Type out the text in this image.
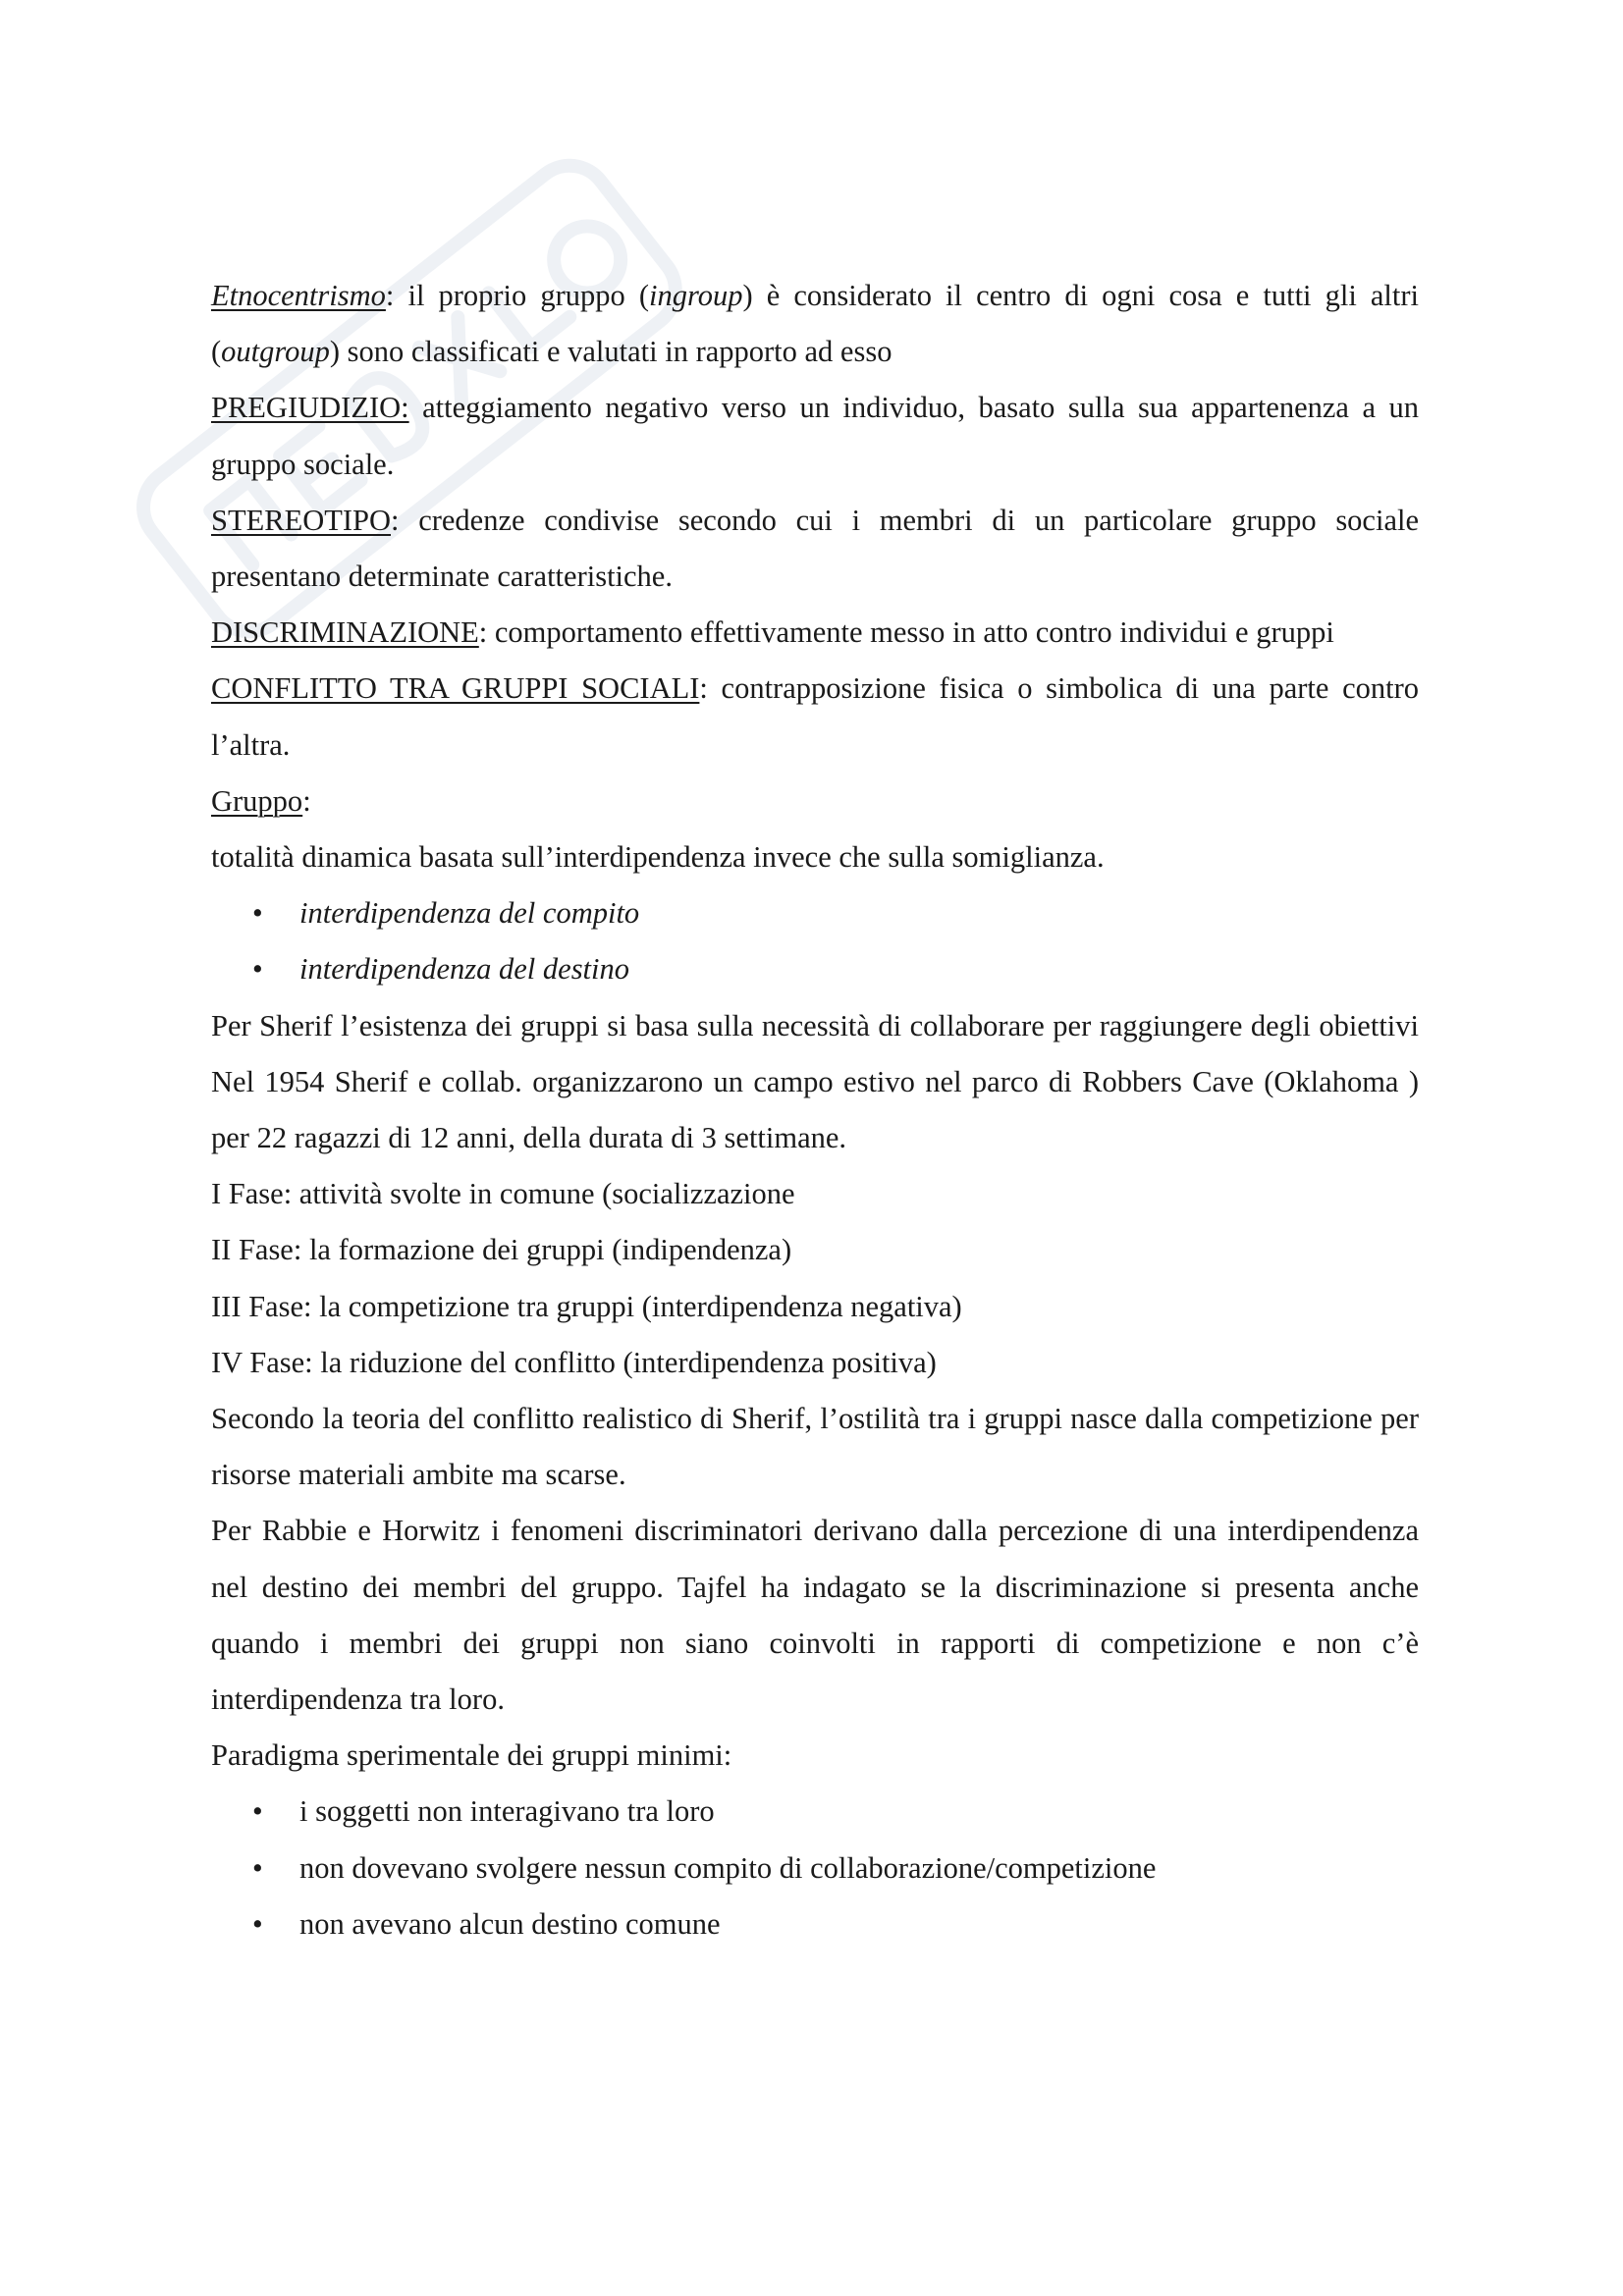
Etnocentrismo: il proprio gruppo (ingroup) è considerato il centro di ogni cosa e tutti gli altri (outgroup) sono classificati e valutati in rapporto ad esso

PREGIUDIZIO: atteggiamento negativo verso un individuo, basato sulla sua appartenenza a un gruppo sociale.

STEREOTIPO: credenze condivise secondo cui i membri di un particolare gruppo sociale presentano determinate caratteristiche.

DISCRIMINAZIONE: comportamento effettivamente messo in atto contro individui e gruppi

CONFLITTO TRA GRUPPI SOCIALI: contrapposizione fisica o simbolica di una parte contro l’altra.

Gruppo:

totalità dinamica basata sull’interdipendenza invece che sulla somiglianza.

• interdipendenza del compito
• interdipendenza del destino

Per Sherif l’esistenza dei gruppi si basa sulla necessità di collaborare per raggiungere degli obiettivi Nel 1954 Sherif e collab. organizzarono un campo estivo nel parco di Robbers Cave (Oklahoma ) per 22 ragazzi di 12 anni, della durata di 3 settimane.

I Fase: attività svolte in comune (socializzazione

II Fase: la formazione dei gruppi (indipendenza)

III Fase: la competizione tra gruppi (interdipendenza negativa)

IV Fase: la riduzione del conflitto (interdipendenza positiva)

Secondo la teoria del conflitto realistico di Sherif, l’ostilità tra i gruppi nasce dalla competizione per risorse materiali ambite ma scarse.

Per Rabbie e Horwitz i fenomeni discriminatori derivano dalla percezione di una interdipendenza nel destino dei membri del gruppo. Tajfel ha indagato se la discriminazione si presenta anche quando i membri dei gruppi non siano coinvolti in rapporti di competizione e non c’è interdipendenza tra loro.

Paradigma sperimentale dei gruppi minimi:

• i soggetti non interagivano tra loro
• non dovevano svolgere nessun compito di collaborazione/competizione
• non avevano alcun destino comune
